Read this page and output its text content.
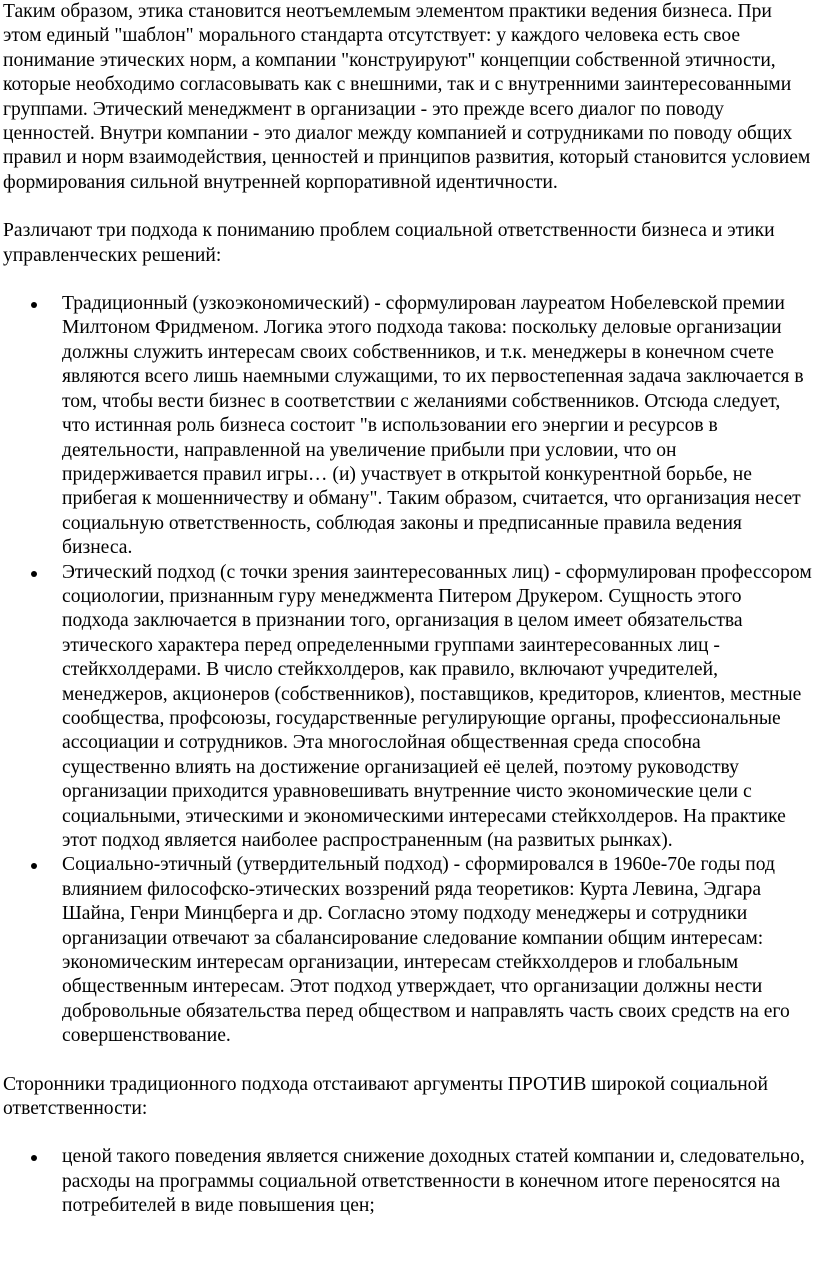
Таким образом, этика становится неотъемлемым элементом практики ведения бизнеса. При этом единый "шаблон" морального стандарта отсутствует: у каждого человека есть свое понимание этических норм, а компании "конструируют" концепции собственной этичности, которые необходимо согласовывать как с внешними, так и с внутренними заинтересованными группами. Этический менеджмент в организации - это прежде всего диалог по поводу ценностей. Внутри компании - это диалог между компанией и сотрудниками по поводу общих правил и норм взаимодействия, ценностей и принципов развития, который становится условием формирования сильной внутренней корпоративной идентичности.

Различают три подхода к пониманию проблем социальной ответственности бизнеса и этики управленческих решений:

Традиционный (узкоэкономический) - сформулирован лауреатом Нобелевской премии Милтоном Фридменом. Логика этого подхода такова: поскольку деловые организации должны служить интересам своих собственников, и т.к. менеджеры в конечном счете являются всего лишь наемными служащими, то их первостепенная задача заключается в том, чтобы вести бизнес в соответствии с желаниями собственников. Отсюда следует, что истинная роль бизнеса состоит "в использовании его энергии и ресурсов в деятельности, направленной на увеличение прибыли при условии, что он придерживается правил игры… (и) участвует в открытой конкурентной борьбе, не прибегая к мошенничеству и обману". Таким образом, считается, что организация несет социальную ответственность, соблюдая законы и предписанные правила ведения бизнеса.
Этический подход (с точки зрения заинтересованных лиц) - сформулирован профессором социологии, признанным гуру менеджмента Питером Друкером. Сущность этого подхода заключается в признании того, организация в целом имеет обязательства этического характера перед определенными группами заинтересованных лиц - стейкхолдерами. В число стейкхолдеров, как правило, включают учредителей, менеджеров, акционеров (собственников), поставщиков, кредиторов, клиентов, местные сообщества, профсоюзы, государственные регулирующие органы, профессиональные ассоциации и сотрудников. Эта многослойная общественная среда способна существенно влиять на достижение организацией её целей, поэтому руководству организации приходится уравновешивать внутренние чисто экономические цели с социальными, этическими и экономическими интересами стейкхолдеров. На практике этот подход является наиболее распространенным (на развитых рынках).
Социально-этичный (утвердительный подход) - сформировался в 1960е-70е годы под влиянием философско-этических воззрений ряда теоретиков: Курта Левина, Эдгара Шайна, Генри Минцберга и др. Согласно этому подходу менеджеры и сотрудники организации отвечают за сбалансирование следование компании общим интересам: экономическим интересам организации, интересам стейкхолдеров и глобальным общественным интересам. Этот подход утверждает, что организации должны нести добровольные обязательства перед обществом и направлять часть своих средств на его совершенствование.

Сторонники традиционного подхода отстаивают аргументы ПРОТИВ широкой социальной ответственности:

ценой такого поведения является снижение доходных статей компании и, следовательно, расходы на программы социальной ответственности в конечном итоге переносятся на потребителей в виде повышения цен;
